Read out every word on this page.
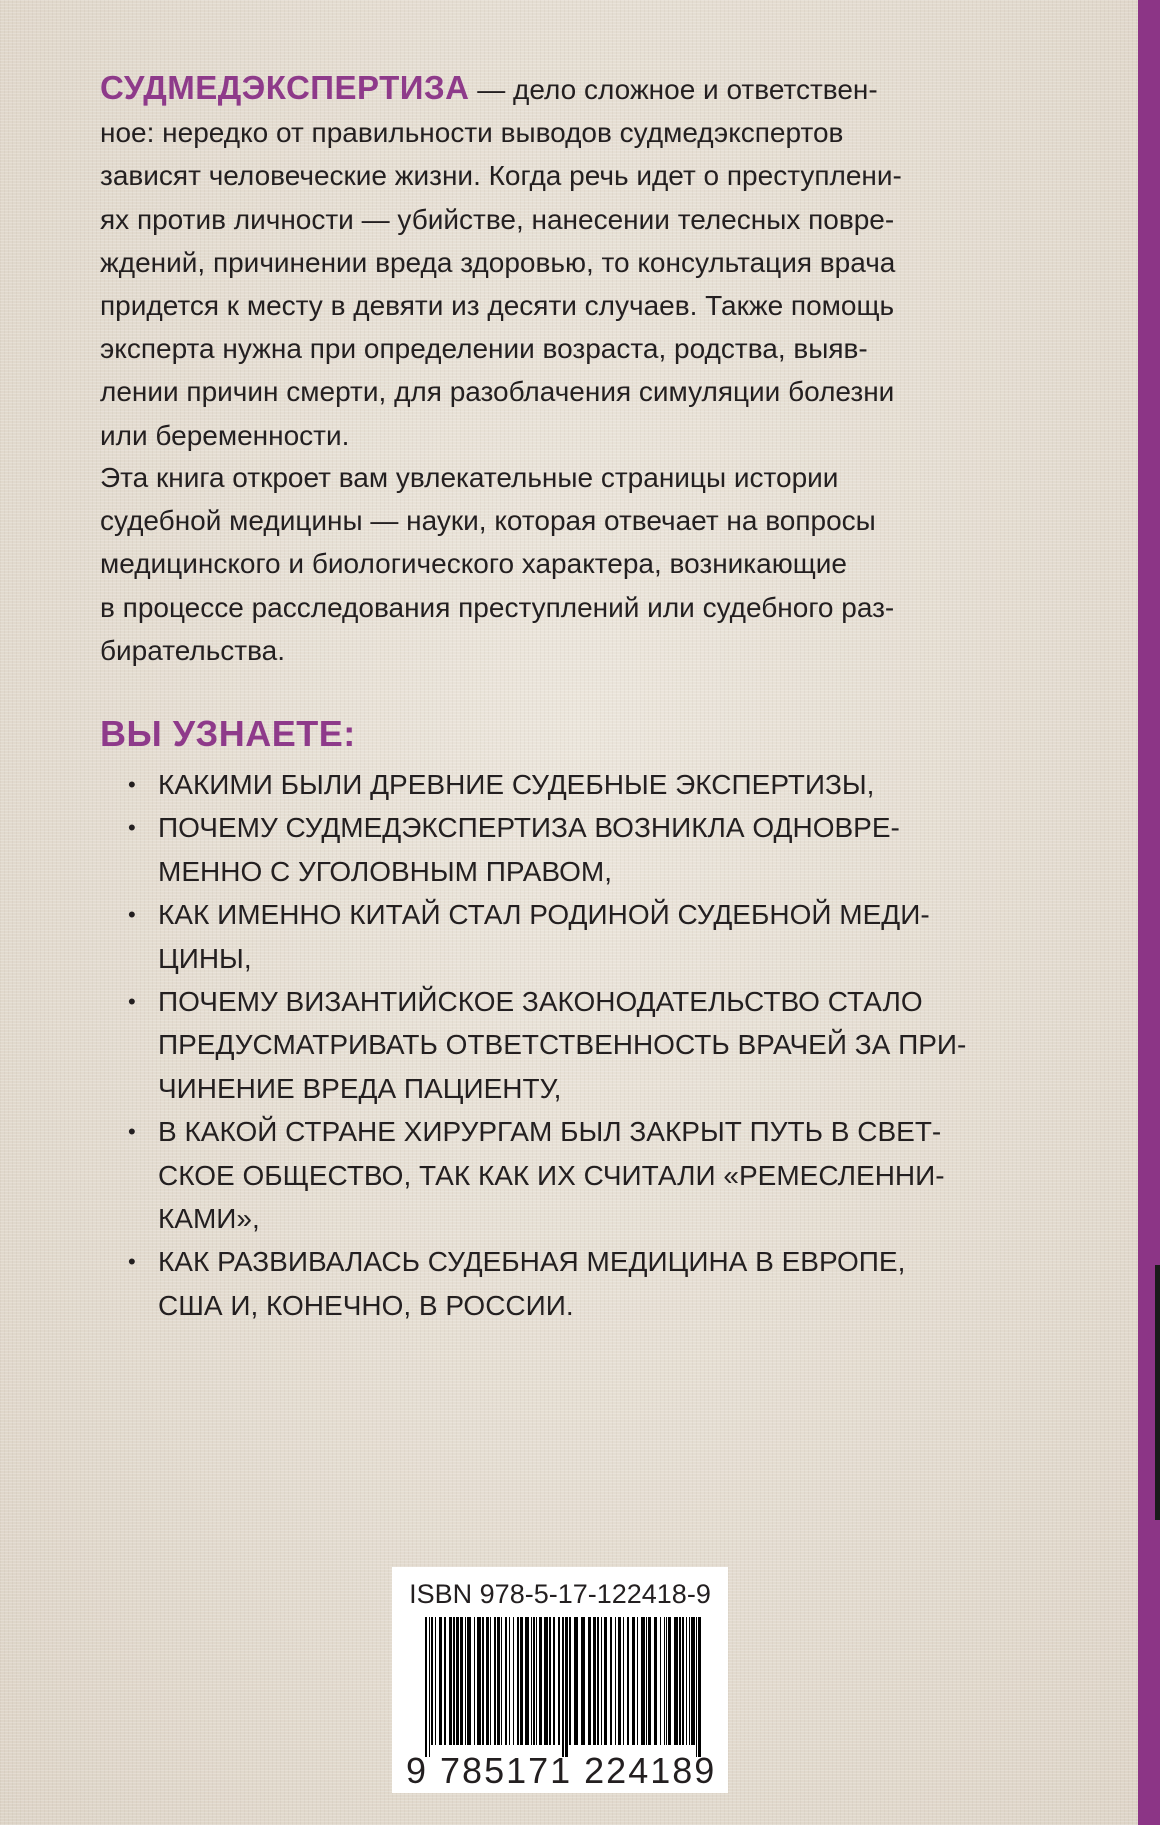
СУДМЕДЭКСПЕРТИЗА — дело сложное и ответствен-
ное: нередко от правильности выводов судмедэкспертов
зависят человеческие жизни. Когда речь идет о преступлени-
ях против личности — убийстве, нанесении телесных повре-
ждений, причинении вреда здоровью, то консультация врача
придется к месту в девяти из десяти случаев. Также помощь
эксперта нужна при определении возраста, родства, выяв-
лении причин смерти, для разоблачения симуляции болезни
или беременности.
Эта книга откроет вам увлекательные страницы истории
судебной медицины — науки, которая отвечает на вопросы
медицинского и биологического характера, возникающие
в процессе расследования преступлений или судебного раз-
бирательства.
ВЫ УЗНАЕТЕ:
• КАКИМИ БЫЛИ ДРЕВНИЕ СУДЕБНЫЕ ЭКСПЕРТИЗЫ,
• ПОЧЕМУ СУДМЕДЭКСПЕРТИЗА ВОЗНИКЛА ОДНОВРЕ-
МЕННО С УГОЛОВНЫМ ПРАВОМ,
• КАК ИМЕННО КИТАЙ СТАЛ РОДИНОЙ СУДЕБНОЙ МЕДИ-
ЦИНЫ,
• ПОЧЕМУ ВИЗАНТИЙСКОЕ ЗАКОНОДАТЕЛЬСТВО СТАЛО
ПРЕДУСМАТРИВАТЬ ОТВЕТСТВЕННОСТЬ ВРАЧЕЙ ЗА ПРИ-
ЧИНЕНИЕ ВРЕДА ПАЦИЕНТУ,
• В КАКОЙ СТРАНЕ ХИРУРГАМ БЫЛ ЗАКРЫТ ПУТЬ В СВЕТ-
СКОЕ ОБЩЕСТВО, ТАК КАК ИХ СЧИТАЛИ «РЕМЕСЛЕННИ-
КАМИ»,
• КАК РАЗВИВАЛАСЬ СУДЕБНАЯ МЕДИЦИНА В ЕВРОПЕ,
США И, КОНЕЧНО, В РОССИИ.
ISBN 978-5-17-122418-9
9 785171 224189
